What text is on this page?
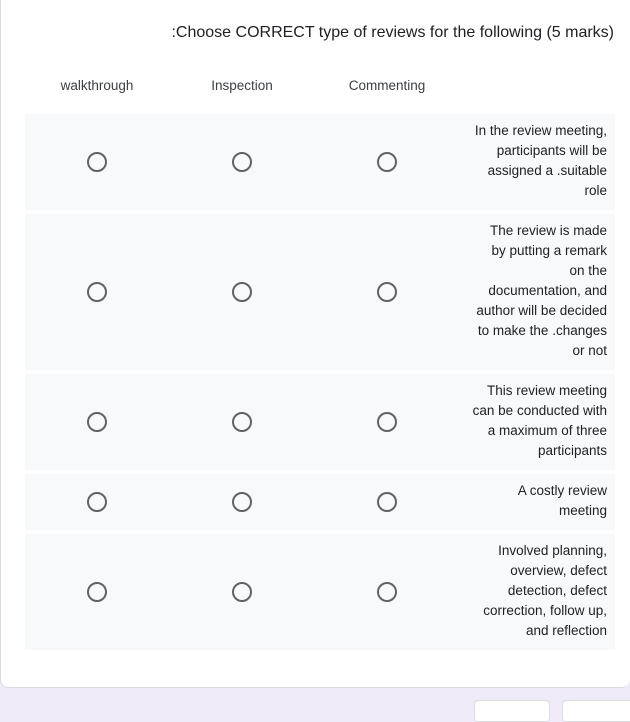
:Choose CORRECT type of reviews for the following (5 marks)
walkthrough	Inspection	Commenting
In the review meeting, participants will be assigned a .suitable role
The review is made by putting a remark on the documentation, and author will be decided to make the .changes or not
This review meeting can be conducted with a maximum of three participants
A costly review meeting
Involved planning, overview, defect detection, defect correction, follow up, and reflection
